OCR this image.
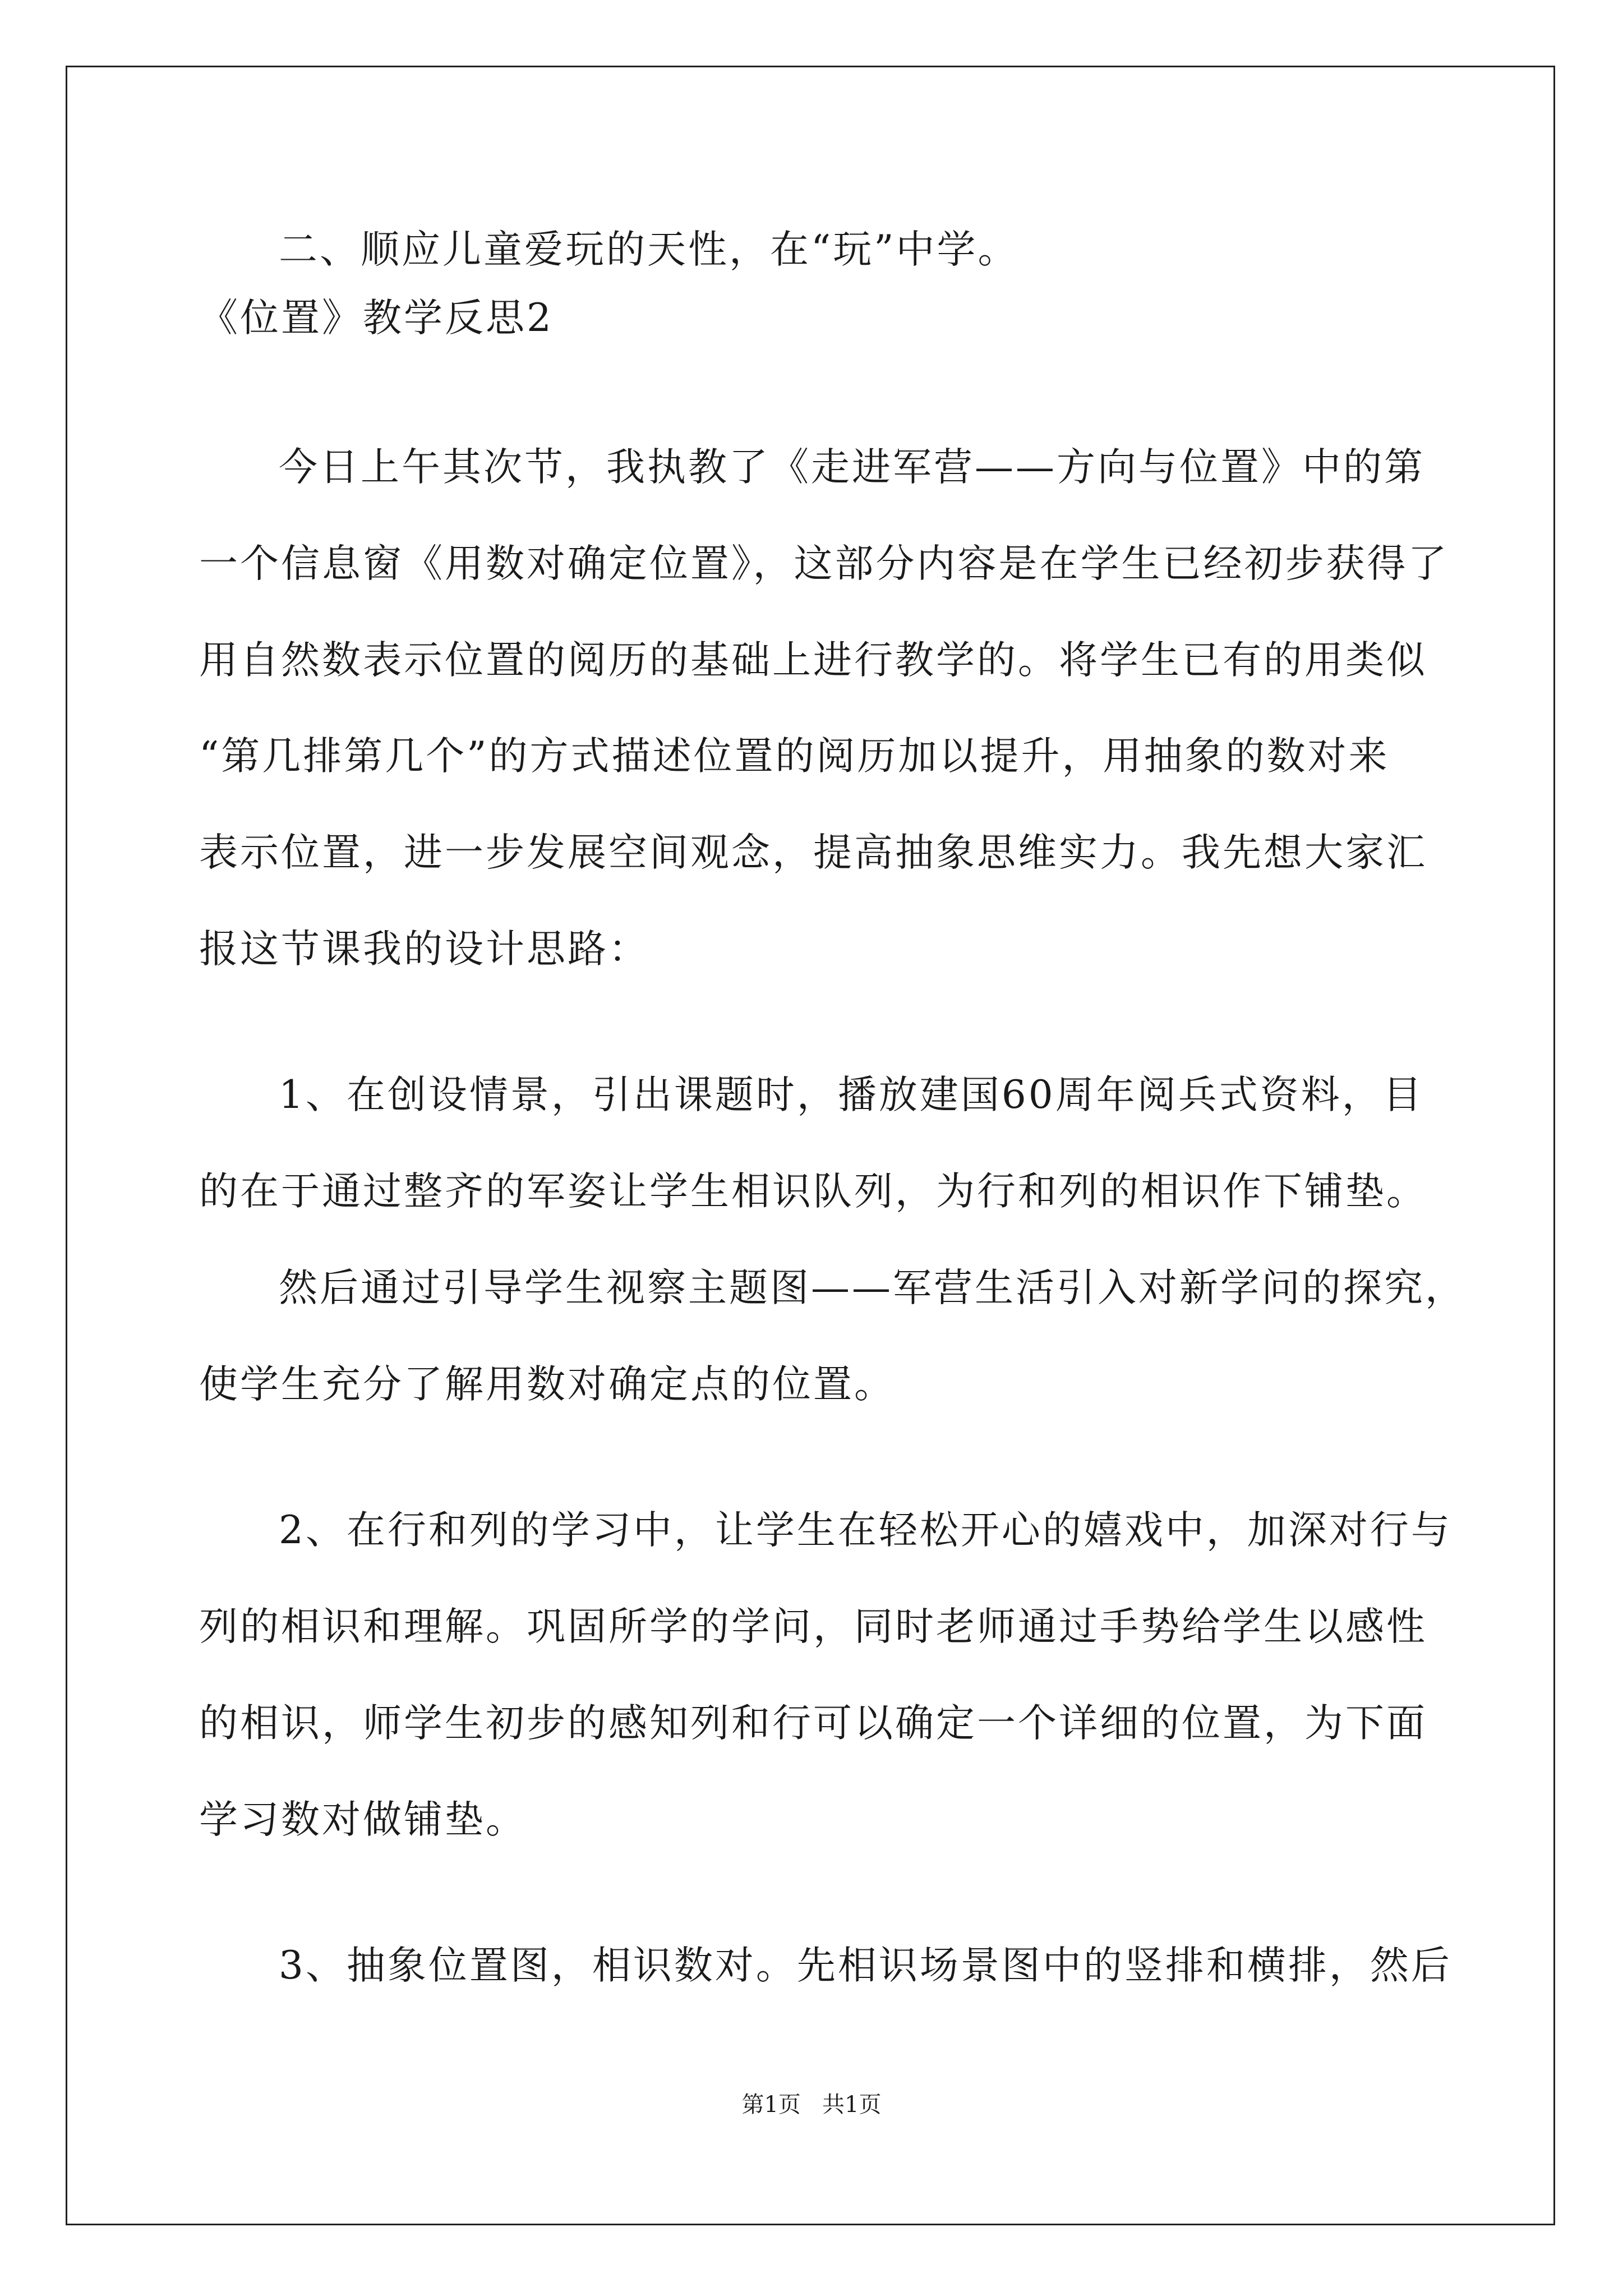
二、顺应儿童爱玩的天性，在“玩”中学。
《位置》教学反思2
今日上午其次节，我执教了《走进军营——方向与位置》中的第
一个信息窗《用数对确定位置》，这部分内容是在学生已经初步获得了
用自然数表示位置的阅历的基础上进行教学的。将学生已有的用类似
“第几排第几个”的方式描述位置的阅历加以提升，用抽象的数对来
表示位置，进一步发展空间观念，提高抽象思维实力。我先想大家汇
报这节课我的设计思路：
1、在创设情景，引出课题时，播放建国60周年阅兵式资料，目
的在于通过整齐的军姿让学生相识队列，为行和列的相识作下铺垫。
然后通过引导学生视察主题图——军营生活引入对新学问的探究，
使学生充分了解用数对确定点的位置。
2、在行和列的学习中，让学生在轻松开心的嬉戏中，加深对行与
列的相识和理解。巩固所学的学问，同时老师通过手势给学生以感性
的相识，师学生初步的感知列和行可以确定一个详细的位置，为下面
学习数对做铺垫。
3、抽象位置图，相识数对。先相识场景图中的竖排和横排，然后
第1页   共1页
